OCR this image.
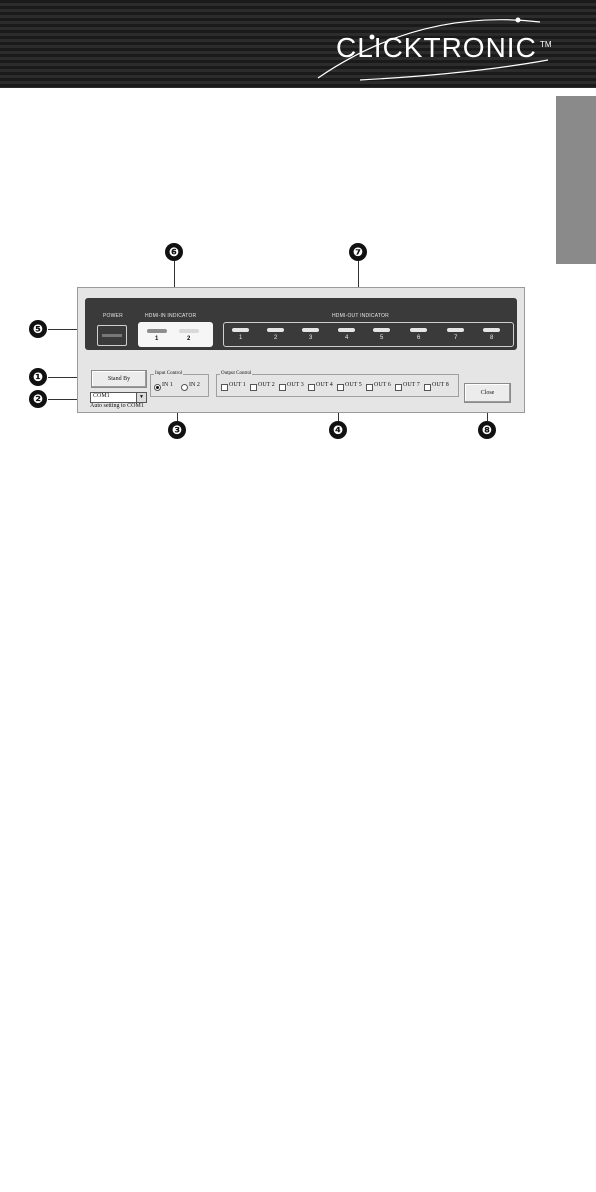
CLICKTRONIC TM
❻	❼
❺
❶
❷
❸	❹	❽
POWER	HDMI-IN INDICATOR
1	2
HDMI-OUT INDICATOR
1	2	3	4	5	6	7	8
Stand By
COM1	▼
Auto setting to COM1
Input Control
IN 1	IN 2
Output Control
OUT 1 OUT 2 OUT 3 OUT 4 OUT 5 OUT 6 OUT 7 OUT 8
Close
